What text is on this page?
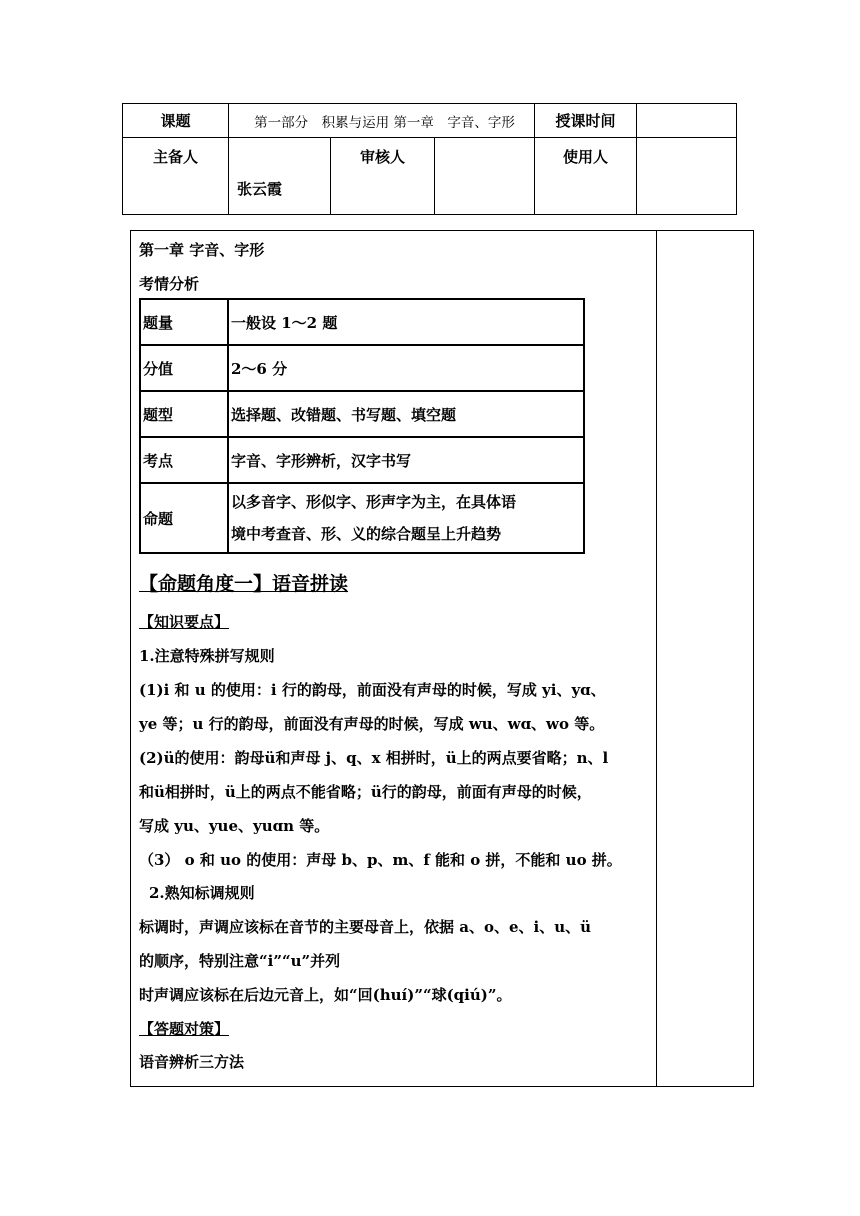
课题	第一部分　积累与运用 第一章　字音、字形			授课时间	
主备人	张云霞	审核人		使用人	
第一章 字音、字形
考情分析
题量	一般设 1～2 题
分值	2～6 分
题型	选择题、改错题、书写题、填空题
考点	字音、字形辨析，汉字书写
命题	以多音字、形似字、形声字为主，在具体语
境中考查音、形、义的综合题呈上升趋势
【命题角度一】语音拼读
【知识要点】
1.注意特殊拼写规则
(1)i 和 u 的使用：i 行的韵母，前面没有声母的时候，写成 yi、yɑ、
ye 等；u 行的韵母，前面没有声母的时候，写成 wu、wɑ、wo 等。
(2)ü的使用：韵母ü和声母 j、q、x 相拼时，ü上的两点要省略；n、l
和ü相拼时，ü上的两点不能省略；ü行的韵母，前面有声母的时候，
写成 yu、yue、yuɑn 等。
（3） o 和 uo 的使用：声母 b、p、m、f 能和 o 拼，不能和 uo 拼。
2.熟知标调规则
标调时，声调应该标在音节的主要母音上，依据 a、o、e、i、u、ü
的顺序，特别注意“i”“u”并列
时声调应该标在后边元音上，如“回(huí)”“球(qiú)”。
【答题对策】
语音辨析三方法
